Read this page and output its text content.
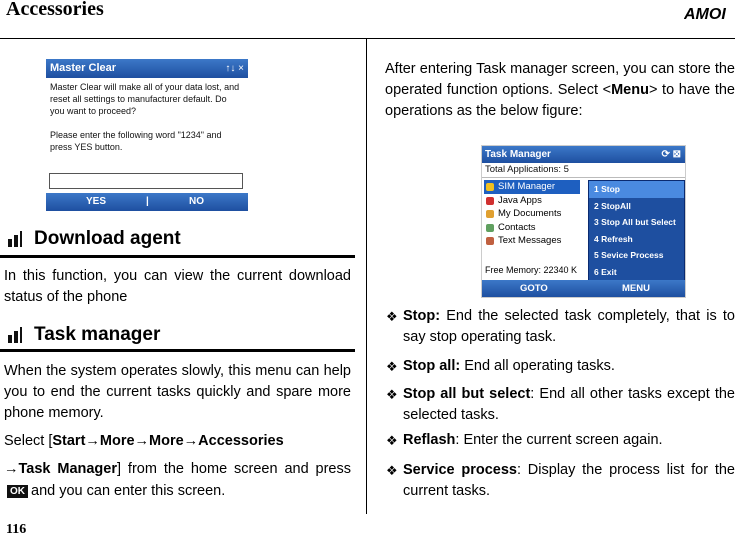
Accessories	AMOI
Master Clear	↑↓ ×
Master Clear will make all of your data lost, and
reset all settings to manufacturer default. Do
you want to proceed?
Please enter the following word "1234" and
press YES button.
YES	|	NO
Download agent
In this function, you can view the current download status of the phone
Task manager
When the system operates slowly, this menu can help you to end the current tasks quickly and spare more phone memory.
Select [Start→More→More→Accessories
→Task Manager] from the home screen and pressOK and you can enter this screen.
After entering Task manager screen, you can store the operated function options. Select <Menu> to have the operations as the below figure:
Task Manager	⟳ ⊠
Total Applications: 5
SIM Manager
Java Apps
My Documents
Contacts
Text Messages
Free Memory: 22340 K
1 Stop
2 StopAll
3 Stop All but Select
4 Refresh
5 Sevice Process
6 Exit
GOTO	MENU
❖ Stop: End the selected task completely, that is to say stop operating task.
❖ Stop all: End all operating tasks.
❖ Stop all but select: End all other tasks except the selected tasks.
❖ Reflash: Enter the current screen again.
❖ Service process: Display the process list for the current tasks.
116
